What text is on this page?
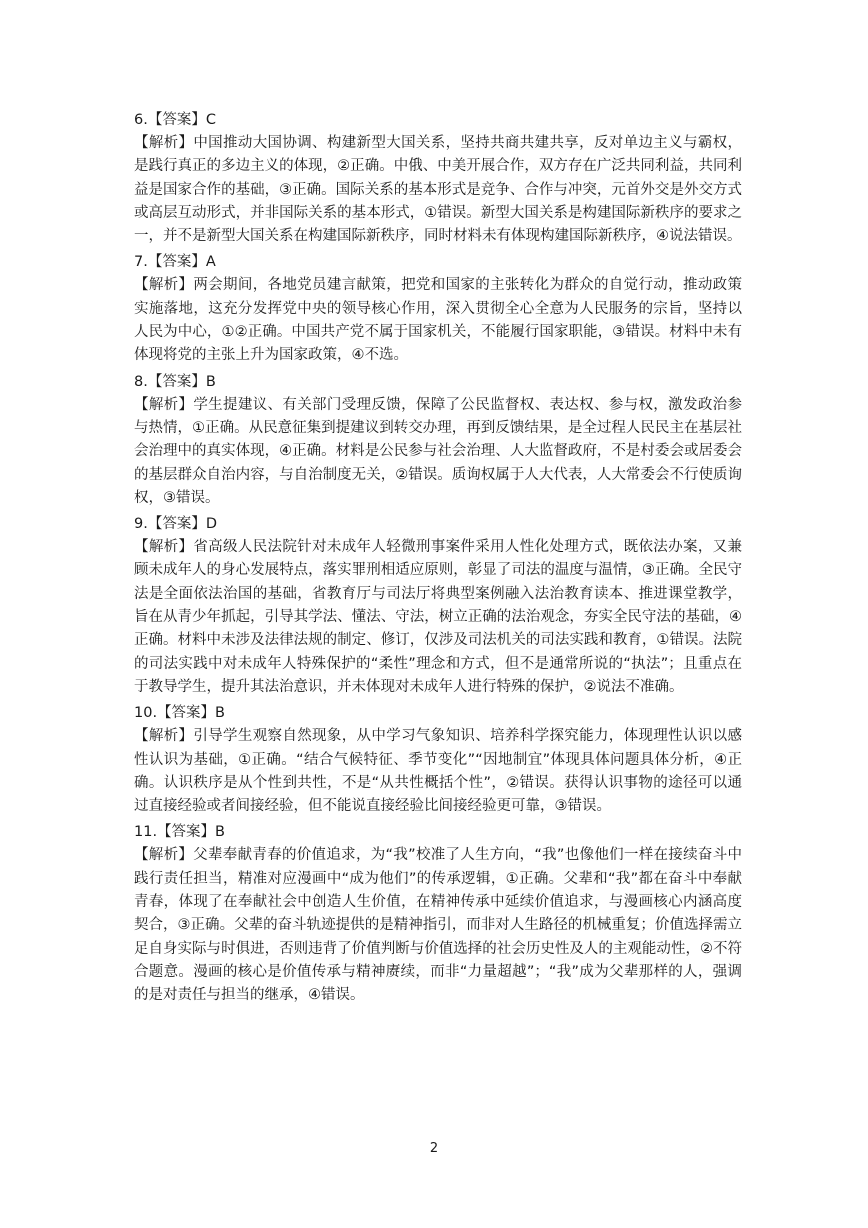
6.【答案】C

【解析】中国推动大国协调、构建新型大国关系，坚持共商共建共享，反对单边主义与霸权，是践行真正的多边主义的体现，②正确。中俄、中美开展合作，双方存在广泛共同利益，共同利益是国家合作的基础，③正确。国际关系的基本形式是竞争、合作与冲突，元首外交是外交方式或高层互动形式，并非国际关系的基本形式，①错误。新型大国关系是构建国际新秩序的要求之一，并不是新型大国关系在构建国际新秩序，同时材料未有体现构建国际新秩序，④说法错误。

7.【答案】A

【解析】两会期间，各地党员建言献策，把党和国家的主张转化为群众的自觉行动，推动政策实施落地，这充分发挥党中央的领导核心作用，深入贯彻全心全意为人民服务的宗旨，坚持以人民为中心，①②正确。中国共产党不属于国家机关，不能履行国家职能，③错误。材料中未有体现将党的主张上升为国家政策，④不选。

8.【答案】B

【解析】学生提建议、有关部门受理反馈，保障了公民监督权、表达权、参与权，激发政治参与热情，①正确。从民意征集到提建议到转交办理，再到反馈结果，是全过程人民民主在基层社会治理中的真实体现，④正确。材料是公民参与社会治理、人大监督政府，不是村委会或居委会的基层群众自治内容，与自治制度无关，②错误。质询权属于人大代表，人大常委会不行使质询权，③错误。

9.【答案】D

【解析】省高级人民法院针对未成年人轻微刑事案件采用人性化处理方式，既依法办案，又兼顾未成年人的身心发展特点，落实罪刑相适应原则，彰显了司法的温度与温情，③正确。全民守法是全面依法治国的基础，省教育厅与司法厅将典型案例融入法治教育读本、推进课堂教学，旨在从青少年抓起，引导其学法、懂法、守法，树立正确的法治观念，夯实全民守法的基础，④正确。材料中未涉及法律法规的制定、修订，仅涉及司法机关的司法实践和教育，①错误。法院的司法实践中对未成年人特殊保护的“柔性”理念和方式，但不是通常所说的“执法”；且重点在于教导学生，提升其法治意识，并未体现对未成年人进行特殊的保护，②说法不准确。

10.【答案】B

【解析】引导学生观察自然现象，从中学习气象知识、培养科学探究能力，体现理性认识以感性认识为基础，①正确。“结合气候特征、季节变化”“因地制宜”体现具体问题具体分析，④正确。认识秩序是从个性到共性，不是“从共性概括个性”，②错误。获得认识事物的途径可以通过直接经验或者间接经验，但不能说直接经验比间接经验更可靠，③错误。

11.【答案】B

【解析】父辈奉献青春的价值追求，为“我”校准了人生方向，“我”也像他们一样在接续奋斗中践行责任担当，精准对应漫画中“成为他们”的传承逻辑，①正确。父辈和“我”都在奋斗中奉献青春，体现了在奉献社会中创造人生价值，在精神传承中延续价值追求，与漫画核心内涵高度契合，③正确。父辈的奋斗轨迹提供的是精神指引，而非对人生路径的机械重复；价值选择需立足自身实际与时俱进，否则违背了价值判断与价值选择的社会历史性及人的主观能动性，②不符合题意。漫画的核心是价值传承与精神赓续，而非“力量超越”；“我”成为父辈那样的人，强调的是对责任与担当的继承，④错误。

2
